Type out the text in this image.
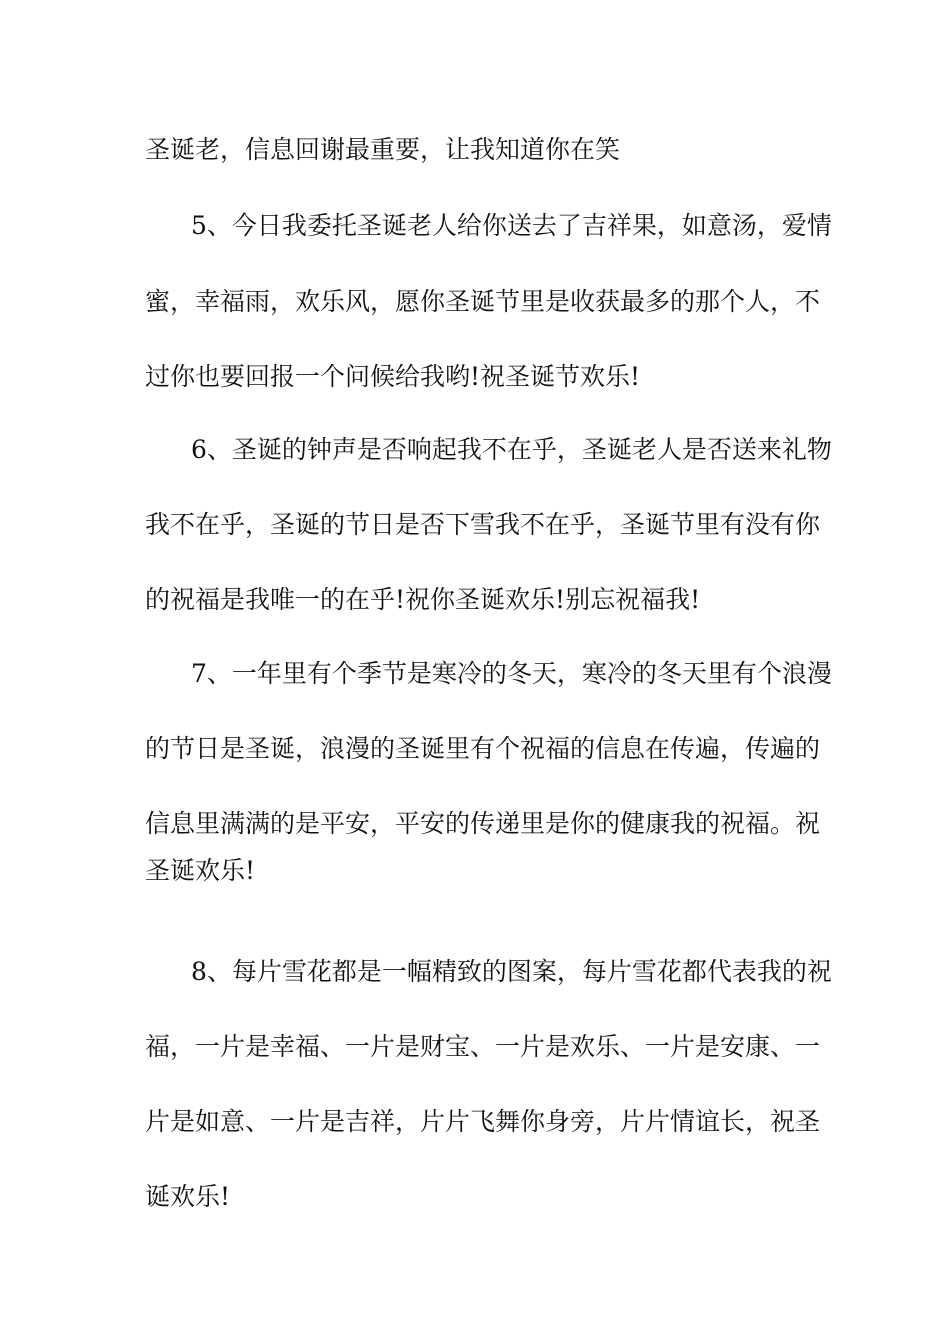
圣诞老，信息回谢最重要，让我知道你在笑
5、今日我委托圣诞老人给你送去了吉祥果，如意汤，爱情
蜜，幸福雨，欢乐风，愿你圣诞节里是收获最多的那个人，不
过你也要回报一个问候给我哟!祝圣诞节欢乐!
6、圣诞的钟声是否响起我不在乎，圣诞老人是否送来礼物
我不在乎，圣诞的节日是否下雪我不在乎，圣诞节里有没有你
的祝福是我唯一的在乎!祝你圣诞欢乐!别忘祝福我!
7、一年里有个季节是寒冷的冬天，寒冷的冬天里有个浪漫
的节日是圣诞，浪漫的圣诞里有个祝福的信息在传遍，传遍的
信息里满满的是平安，平安的传递里是你的健康我的祝福。祝
圣诞欢乐!
8、每片雪花都是一幅精致的图案，每片雪花都代表我的祝
福，一片是幸福、一片是财宝、一片是欢乐、一片是安康、一
片是如意、一片是吉祥，片片飞舞你身旁，片片情谊长，祝圣
诞欢乐!
